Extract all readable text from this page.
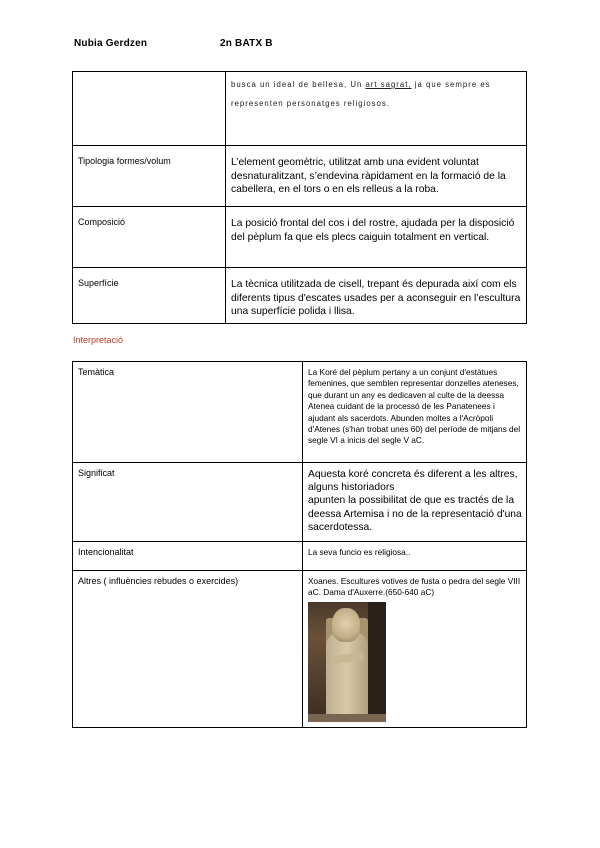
Nubia Gerdzen	2n BATX B
	busca un ideal de bellesa, Un art sagrat, ja que sempre es representen personatges religiosos.
Tipologia formes/volum	L’element geomètric, utilitzat amb una evident voluntat desnaturalitzant, s’endevina ràpidament en la formació de la cabellera, en el tors o en els relleus a la roba.
Composició	La posició frontal del cos i del rostre, ajudada per la disposició del pèplum fa que els plecs caiguin totalment en vertical.
Superfície	La tècnica utilitzada de cisell, trepant és depurada així com els diferents tipus d'escates usades per a aconseguir en l’escultura una superfície polida i llisa.
Interpretació
Temàtica	La Koré del pèplum pertany a un conjunt d'estàtues femenines, que semblen representar donzelles ateneses, que durant un any es dedicaven al culte de la deessa Atenea cuidant de la processó de les Panatenees i ajudant als sacerdots. Abunden moltes a l'Acròpoli d'Atenes (s'han trobat unes 60) del període de mitjans del segle VI a inicis del segle V aC.
Significat	Aquesta koré concreta és diferent a les altres, alguns historiadors
apunten la possibilitat de que es tractés de la deessa Artemisa i no de la representació d'una sacerdotessa.

Intencionalitat	La seva funcio es religiosa..
Altres ( influències rebudes o exercides)	Xoanes. Escultures votives de fusta o pedra del segle VIII aC. Dama d'Auxerre.(650-640 aC)
